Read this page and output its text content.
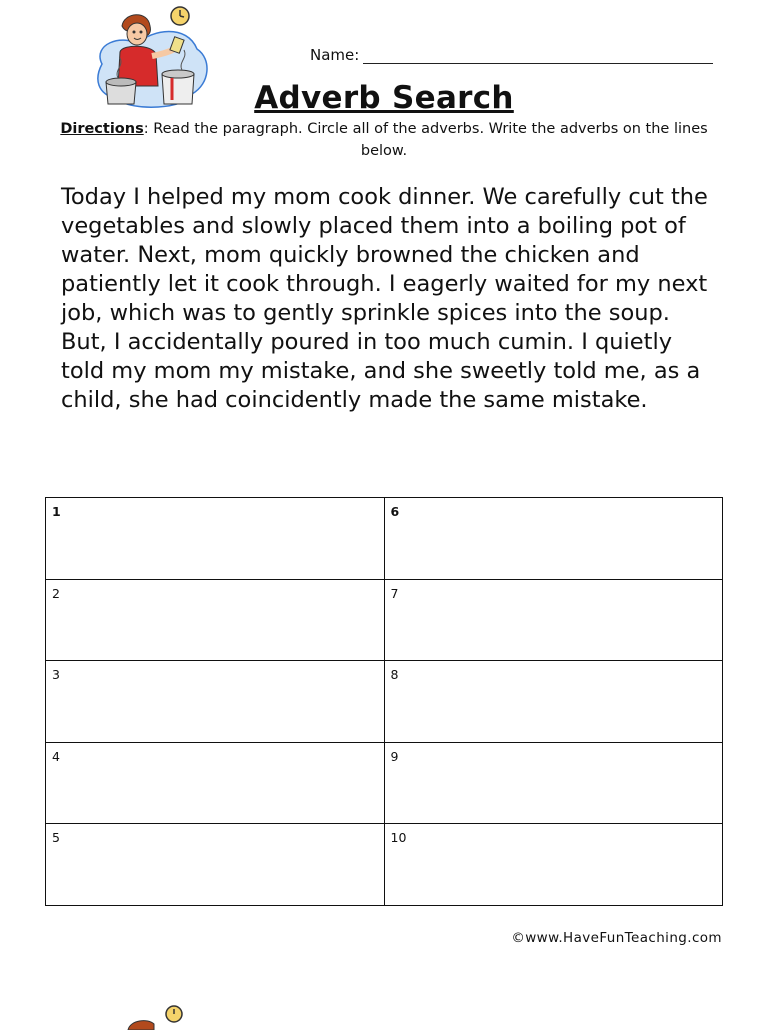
Name:
Adverb Search
Directions: Read the paragraph. Circle all of the adverbs. Write the adverbs on the lines below.
Today I helped my mom cook dinner. We carefully cut the vegetables and slowly placed them into a boiling pot of water. Next, mom quickly browned the chicken and patiently let it cook through. I eagerly waited for my next job, which was to gently sprinkle spices into the soup. But, I accidentally poured in too much cumin. I quietly told my mom my mistake, and she sweetly told me, as a child, she had coincidently made the same mistake.
1	6
2	7
3	8
4	9
5	10
©www.HaveFunTeaching.com
